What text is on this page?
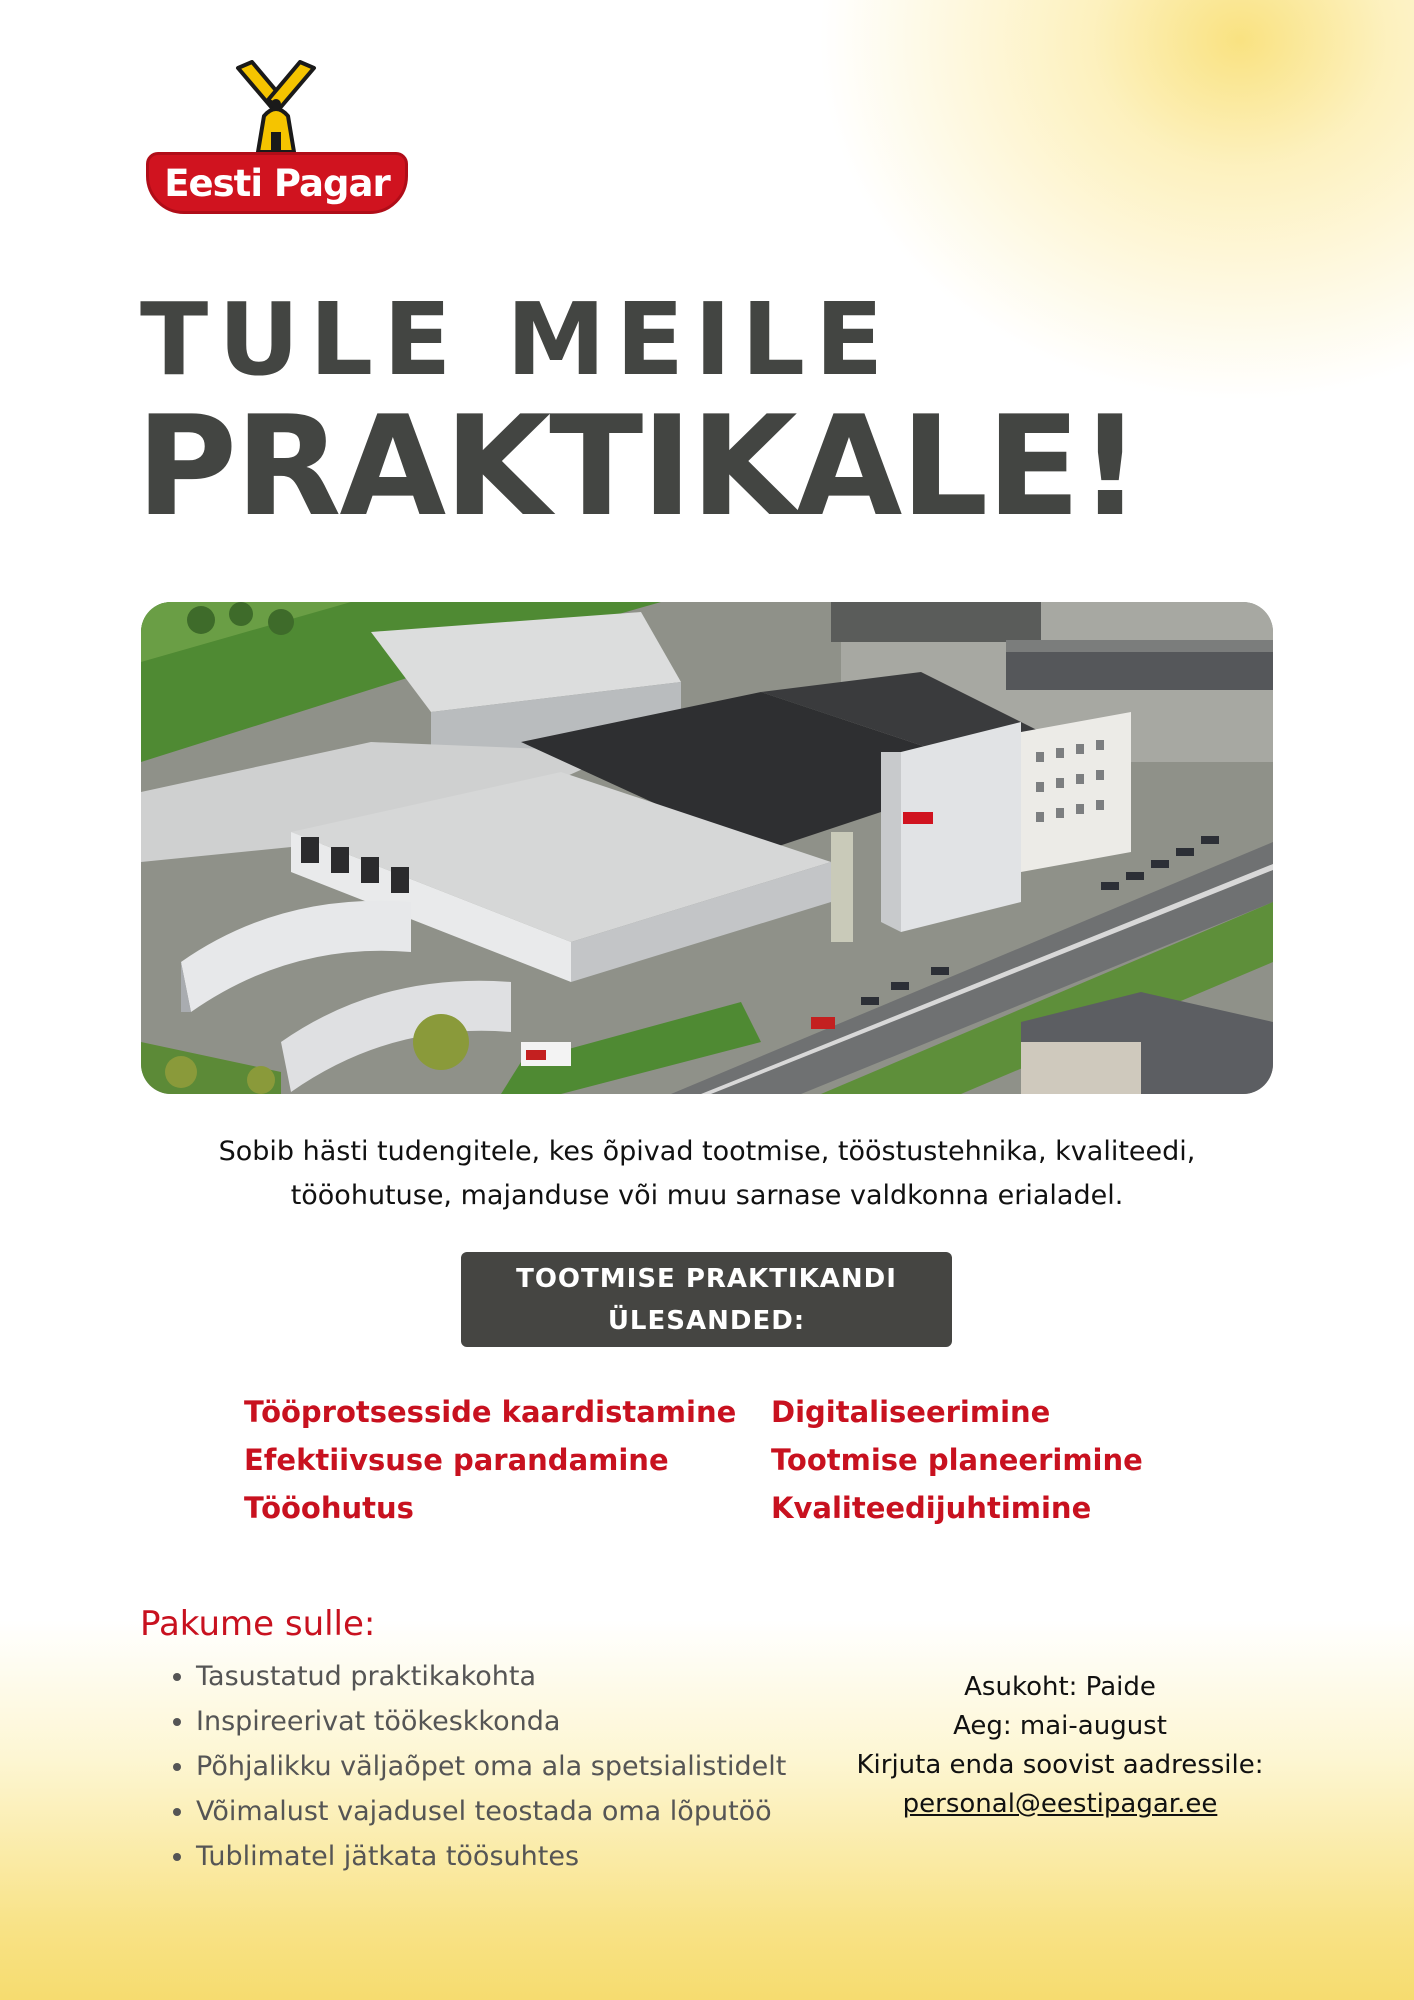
Eesti Pagar
TULE MEILE
PRAKTIKALE!
Sobib hästi tudengitele, kes õpivad tootmise, tööstustehnika, kvaliteedi,
tööohutuse, majanduse või muu sarnase valdkonna erialadel.
TOOTMISE PRAKTIKANDI
ÜLESANDED:
Tööprotsesside kaardistamine
Efektiivsuse parandamine
Tööohutus
Digitaliseerimine
Tootmise planeerimine
Kvaliteedijuhtimine
Pakume sulle:
• Tasustatud praktikakohta
• Inspireerivat töökeskkonda
• Põhjalikku väljaõpet oma ala spetsialistidelt
• Võimalust vajadusel teostada oma lõputöö
• Tublimatel jätkata töösuhtes
Asukoht: Paide
Aeg: mai-august
Kirjuta enda soovist aadressile:
personal@eestipagar.ee
